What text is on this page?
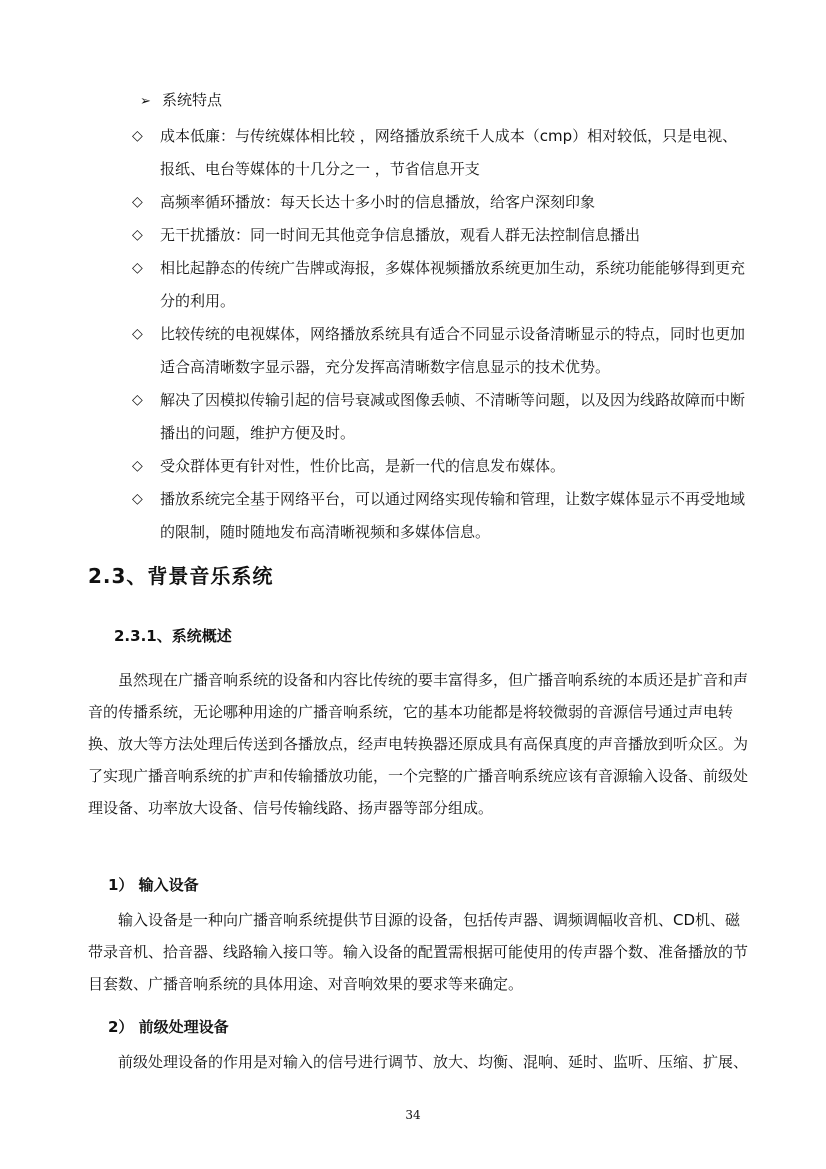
➢ 系统特点
◇ 成本低廉：与传统媒体相比较 ，网络播放系统千人成本（cmp）相对较低，只是电视、报纸、电台等媒体的十几分之一 ，节省信息开支
◇ 高频率循环播放：每天长达十多小时的信息播放，给客户深刻印象
◇ 无干扰播放：同一时间无其他竞争信息播放，观看人群无法控制信息播出
◇ 相比起静态的传统广告牌或海报，多媒体视频播放系统更加生动，系统功能能够得到更充分的利用。
◇ 比较传统的电视媒体，网络播放系统具有适合不同显示设备清晰显示的特点，同时也更加适合高清晰数字显示器，充分发挥高清晰数字信息显示的技术优势。
◇ 解决了因模拟传输引起的信号衰减或图像丢帧、不清晰等问题，以及因为线路故障而中断播出的问题，维护方便及时。
◇ 受众群体更有针对性，性价比高，是新一代的信息发布媒体。
◇ 播放系统完全基于网络平台，可以通过网络实现传输和管理，让数字媒体显示不再受地域的限制，随时随地发布高清晰视频和多媒体信息。
2.3、背景音乐系统
2.3.1、系统概述

虽然现在广播音响系统的设备和内容比传统的要丰富得多，但广播音响系统的本质还是扩音和声音的传播系统，无论哪种用途的广播音响系统，它的基本功能都是将较微弱的音源信号通过声电转换、放大等方法处理后传送到各播放点，经声电转换器还原成具有高保真度的声音播放到听众区。为了实现广播音响系统的扩声和传输播放功能，一个完整的广播音响系统应该有音源输入设备、前级处理设备、功率放大设备、信号传输线路、扬声器等部分组成。

1） 输入设备

输入设备是一种向广播音响系统提供节目源的设备，包括传声器、调频调幅收音机、CD机、磁带录音机、拾音器、线路输入接口等。输入设备的配置需根据可能使用的传声器个数、准备播放的节目套数、广播音响系统的具体用途、对音响效果的要求等来确定。

2） 前级处理设备

前级处理设备的作用是对输入的信号进行调节、放大、均衡、混响、延时、监听、压缩、扩展、

34
